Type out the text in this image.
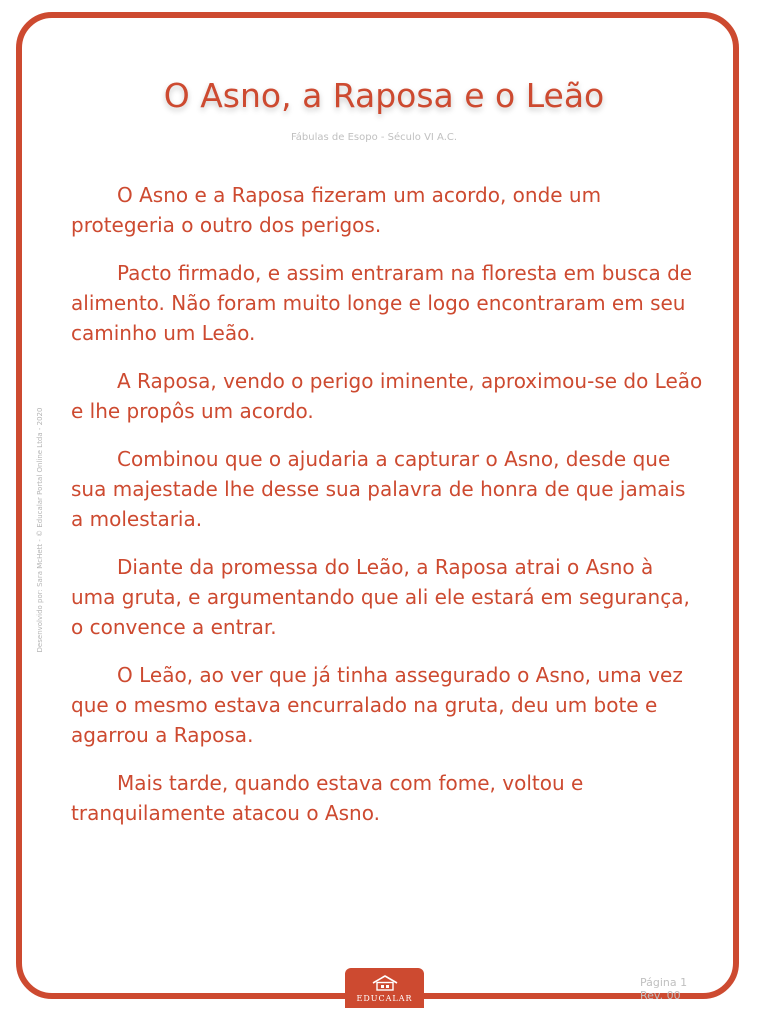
O Asno, a Raposa e o Leão
Fábulas de Esopo - Século VI A.C.

O Asno e a Raposa fizeram um acordo, onde um protegeria o outro dos perigos.

Pacto firmado, e assim entraram na floresta em busca de alimento. Não foram muito longe e logo encontraram em seu caminho um Leão.

A Raposa, vendo o perigo iminente, aproximou-se do Leão e lhe propôs um acordo.

Combinou que o ajudaria a capturar o Asno, desde que sua majestade lhe desse sua palavra de honra de que jamais a molestaria.

Diante da promessa do Leão, a Raposa atrai o Asno à uma gruta, e argumentando que ali ele estará em segurança, o convence a entrar.

O Leão, ao ver que já tinha assegurado o Asno, uma vez que o mesmo estava encurralado na gruta, deu um bote e agarrou a Raposa.

Mais tarde, quando estava com fome, voltou e tranquilamente atacou o Asno.

Desenvolvido por: Sara McHett - © Educalar Portal Online Ltda - 2020
EDUCALAR
Página 1
Rev. 00
